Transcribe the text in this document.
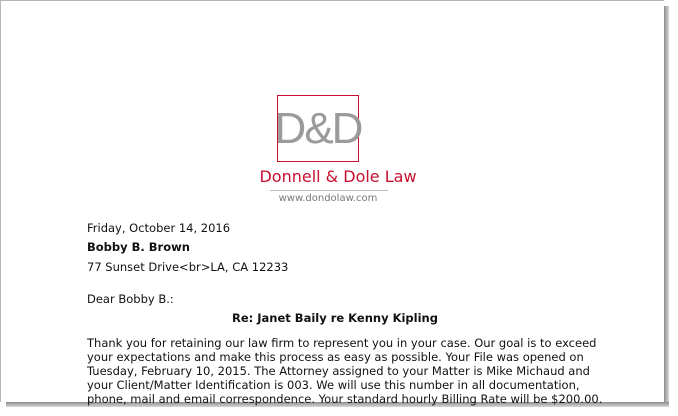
D&D
Donnell & Dole Law
www.dondolaw.com
Friday, October 14, 2016
Bobby B. Brown
77 Sunset Drive<br>LA, CA 12233
Dear Bobby B.:
Re: Janet Baily re Kenny Kipling
Thank you for retaining our law firm to represent you in your case. Our goal is to exceed
your expectations and make this process as easy as possible. Your File was opened on
Tuesday, February 10, 2015. The Attorney assigned to your Matter is Mike Michaud and
your Client/Matter Identification is 003. We will use this number in all documentation,
phone, mail and email correspondence. Your standard hourly Billing Rate will be $200.00.
